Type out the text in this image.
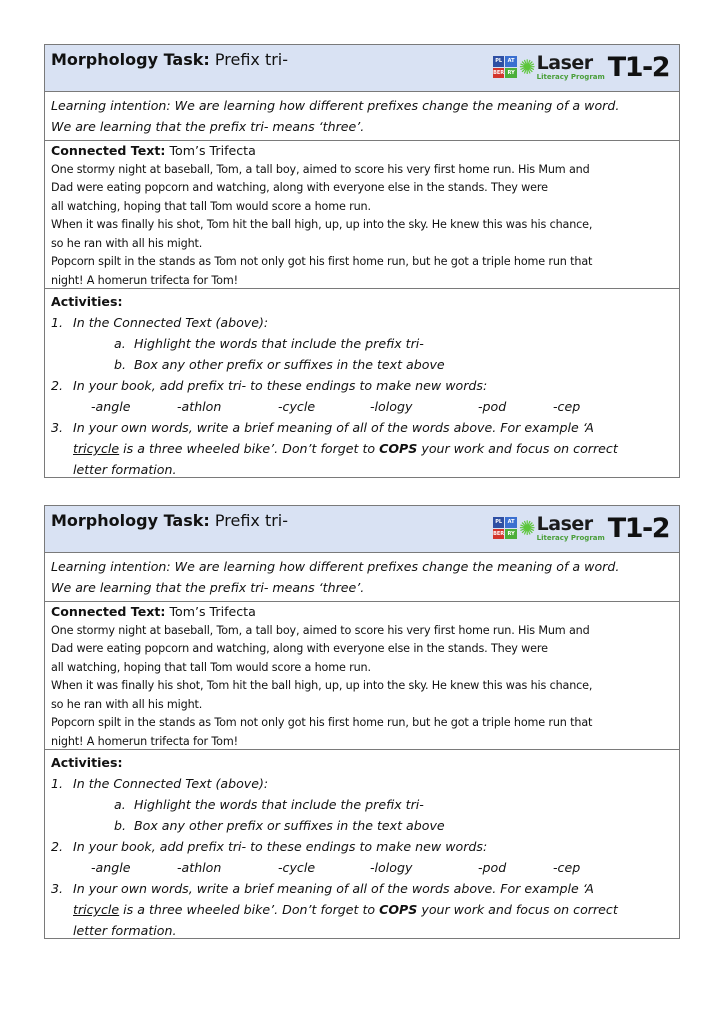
Morphology Task: Prefix tri-	PL	AT
BER RY ✺ Laser
Literacy Program T1-2
Learning intention: We are learning how different prefixes change the meaning of a word.
We are learning that the prefix tri- means ‘three’.
Connected Text: Tom’s Trifecta

One stormy night at baseball, Tom, a tall boy, aimed to score his very first home run. His Mum and

Dad were eating popcorn and watching, along with everyone else in the stands. They were

all watching, hoping that tall Tom would score a home run.

When it was finally his shot, Tom hit the ball high, up, up into the sky. He knew this was his chance,

so he ran with all his might.

Popcorn spilt in the stands as Tom not only got his first home run, but he got a triple home run that

night! A homerun trifecta for Tom!

Activities:
1. In the Connected Text (above):
a. Highlight the words that include the prefix tri-
b. Box any other prefix or suffixes in the text above
2. In your book, add prefix tri- to these endings to make new words:
-angle	-athlon	-cycle	-lology	-pod	-cep
3. In your own words, write a brief meaning of all of the words above. For example ‘A
tricycle is a three wheeled bike’. Don’t forget to COPS your work and focus on correct
letter formation.
Morphology Task: Prefix tri-	PL	AT
BER RY ✺ Laser
Literacy Program T1-2
Learning intention: We are learning how different prefixes change the meaning of a word.
We are learning that the prefix tri- means ‘three’.
Connected Text: Tom’s Trifecta

One stormy night at baseball, Tom, a tall boy, aimed to score his very first home run. His Mum and

Dad were eating popcorn and watching, along with everyone else in the stands. They were

all watching, hoping that tall Tom would score a home run.

When it was finally his shot, Tom hit the ball high, up, up into the sky. He knew this was his chance,

so he ran with all his might.

Popcorn spilt in the stands as Tom not only got his first home run, but he got a triple home run that

night! A homerun trifecta for Tom!

Activities:
1. In the Connected Text (above):
a. Highlight the words that include the prefix tri-
b. Box any other prefix or suffixes in the text above
2. In your book, add prefix tri- to these endings to make new words:
-angle	-athlon	-cycle	-lology	-pod	-cep
3. In your own words, write a brief meaning of all of the words above. For example ‘A
tricycle is a three wheeled bike’. Don’t forget to COPS your work and focus on correct
letter formation.
